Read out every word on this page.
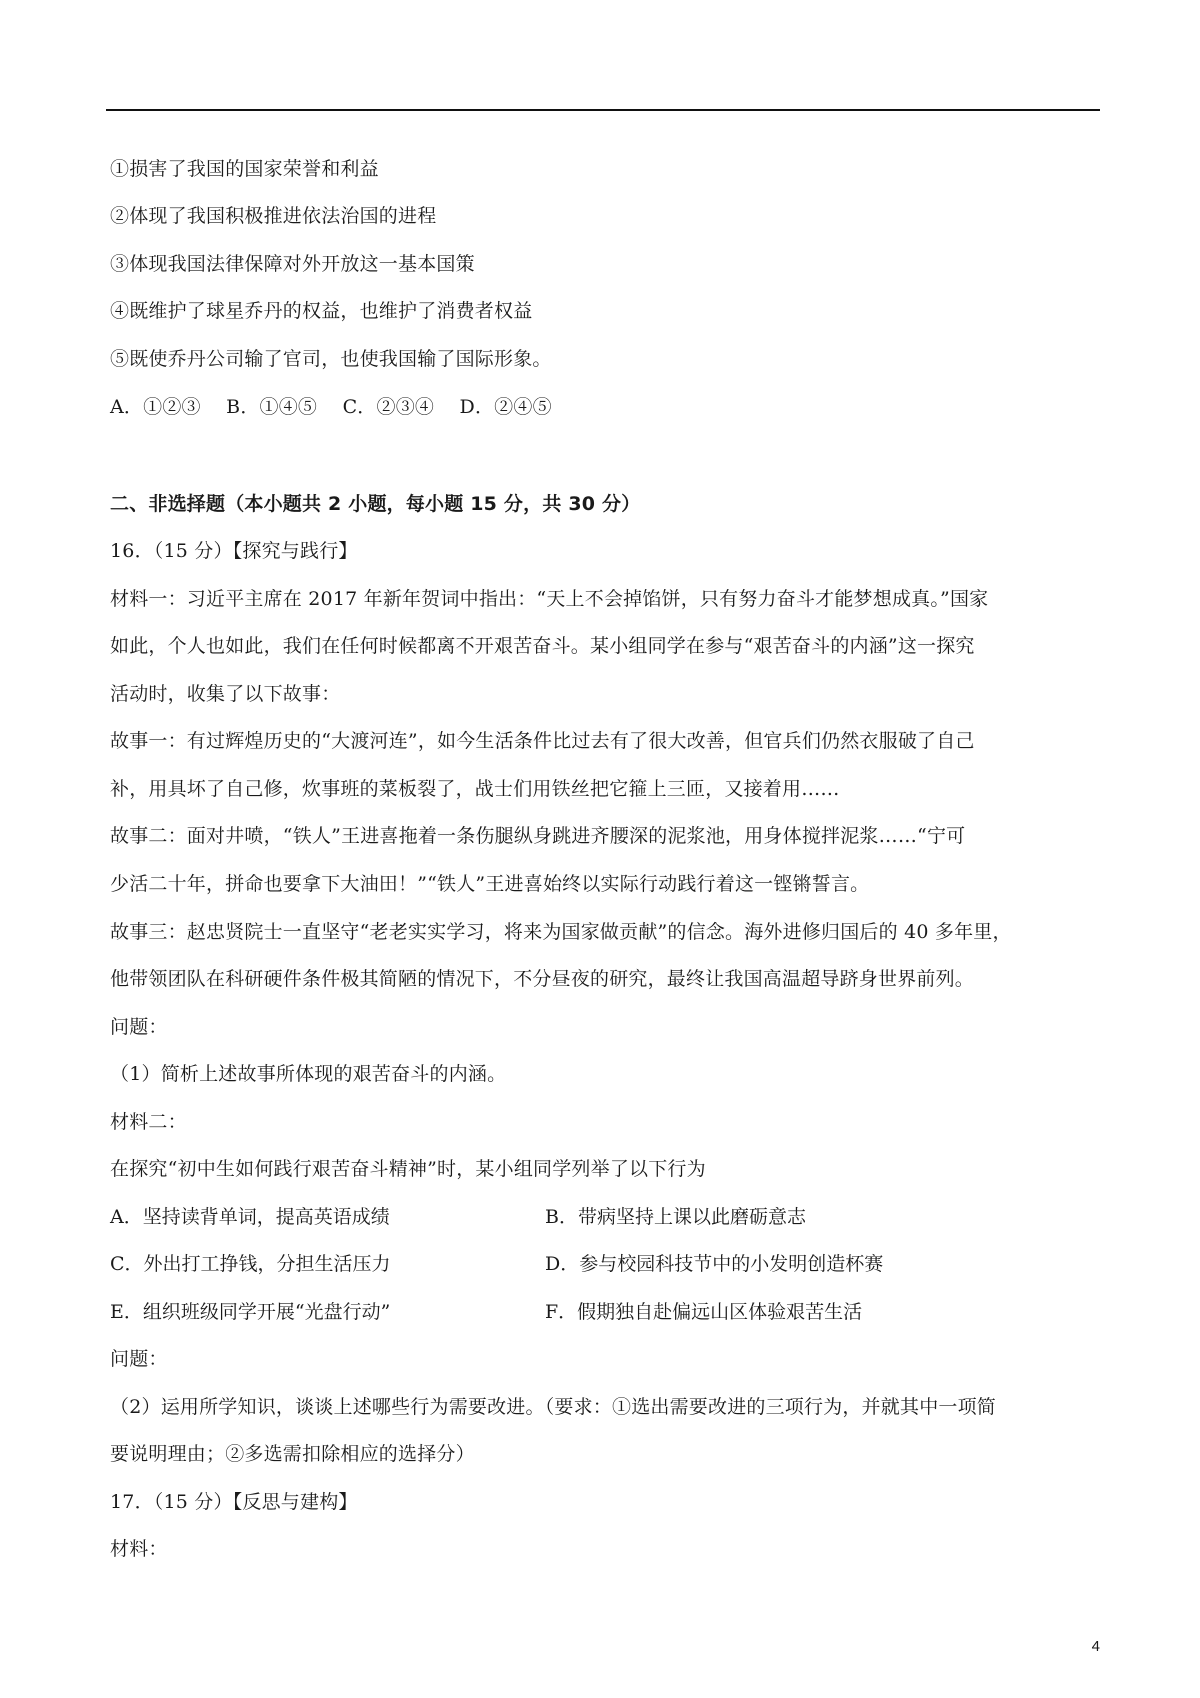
①损害了我国的国家荣誉和利益
②体现了我国积极推进依法治国的进程
③体现我国法律保障对外开放这一基本国策
④既维护了球星乔丹的权益，也维护了消费者权益
⑤既使乔丹公司输了官司，也使我国输了国际形象。
A．①②③　 B．①④⑤　 C．②③④　 D．②④⑤
二、非选择题（本小题共 2 小题，每小题 15 分，共 30 分）
16．（15 分）【探究与践行】
材料一：习近平主席在 2017 年新年贺词中指出：“天上不会掉馅饼，只有努力奋斗才能梦想成真。”国家
如此，个人也如此，我们在任何时候都离不开艰苦奋斗。某小组同学在参与“艰苦奋斗的内涵”这一探究
活动时，收集了以下故事：
故事一：有过辉煌历史的“大渡河连”，如今生活条件比过去有了很大改善，但官兵们仍然衣服破了自己
补，用具坏了自己修，炊事班的菜板裂了，战士们用铁丝把它箍上三匝，又接着用……
故事二：面对井喷，“铁人”王进喜拖着一条伤腿纵身跳进齐腰深的泥浆池，用身体搅拌泥浆……“宁可
少活二十年，拼命也要拿下大油田！”“铁人”王进喜始终以实际行动践行着这一铿锵誓言。
故事三：赵忠贤院士一直坚守“老老实实学习，将来为国家做贡献”的信念。海外进修归国后的 40 多年里，
他带领团队在科研硬件条件极其简陋的情况下，不分昼夜的研究，最终让我国高温超导跻身世界前列。
问题：
（1）简析上述故事所体现的艰苦奋斗的内涵。
材料二：
在探究“初中生如何践行艰苦奋斗精神”时，某小组同学列举了以下行为
A．坚持读背单词，提高英语成绩	B．带病坚持上课以此磨砺意志
C．外出打工挣钱，分担生活压力	D．参与校园科技节中的小发明创造杯赛
E．组织班级同学开展“光盘行动”	F．假期独自赴偏远山区体验艰苦生活
问题：
（2）运用所学知识，谈谈上述哪些行为需要改进。（要求：①选出需要改进的三项行为，并就其中一项简
要说明理由；②多选需扣除相应的选择分）
17．（15 分）【反思与建构】
材料：
4
